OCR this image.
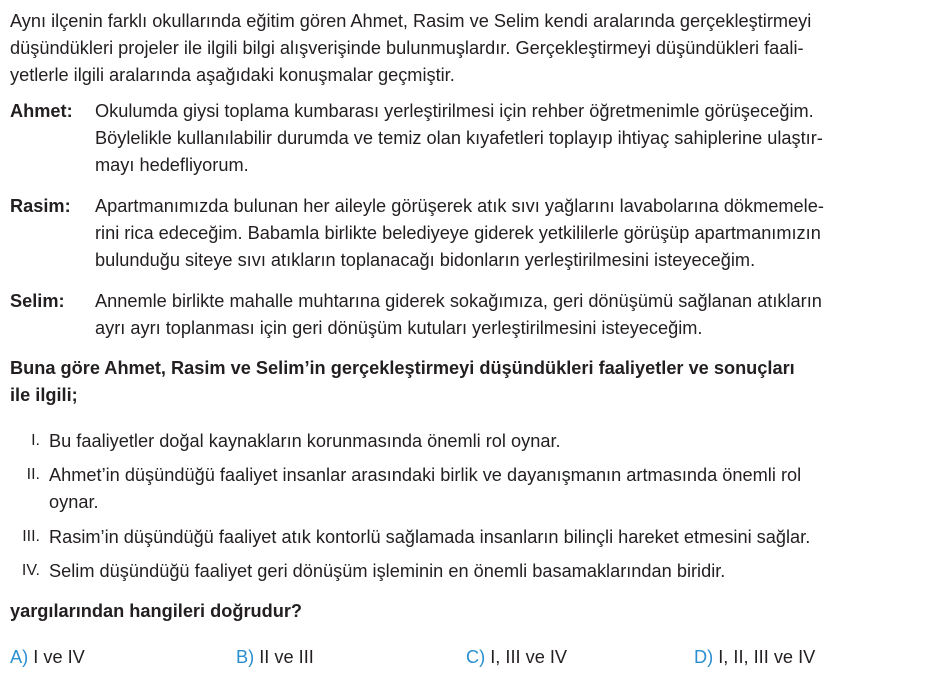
Aynı ilçenin farklı okullarında eğitim gören Ahmet, Rasim ve Selim kendi aralarında gerçekleştirmeyi
düşündükleri projeler ile ilgili bilgi alışverişinde bulunmuşlardır. Gerçekleştirmeyi düşündükleri faali-
yetlerle ilgili aralarında aşağıdaki konuşmalar geçmiştir.
Ahmet: Okulumda giysi toplama kumbarası yerleştirilmesi için rehber öğretmenimle görüşeceğim.
Böylelikle kullanılabilir durumda ve temiz olan kıyafetleri toplayıp ihtiyaç sahiplerine ulaştır-
mayı hedefliyorum.
Rasim: Apartmanımızda bulunan her aileyle görüşerek atık sıvı yağlarını lavabolarına dökmemele-
rini rica edeceğim. Babamla birlikte belediyeye giderek yetkililerle görüşüp apartmanımızın
bulunduğu siteye sıvı atıkların toplanacağı bidonların yerleştirilmesini isteyeceğim.
Selim: Annemle birlikte mahalle muhtarına giderek sokağımıza, geri dönüşümü sağlanan atıkların
ayrı ayrı toplanması için geri dönüşüm kutuları yerleştirilmesini isteyeceğim.
Buna göre Ahmet, Rasim ve Selim’in gerçekleştirmeyi düşündükleri faaliyetler ve sonuçları
ile ilgili;
I. Bu faaliyetler doğal kaynakların korunmasında önemli rol oynar.
II. Ahmet’in düşündüğü faaliyet insanlar arasındaki birlik ve dayanışmanın artmasında önemli rol
oynar.
III. Rasim’in düşündüğü faaliyet atık kontorlü sağlamada insanların bilinçli hareket etmesini sağlar.
IV. Selim düşündüğü faaliyet geri dönüşüm işleminin en önemli basamaklarından biridir.
yargılarından hangileri doğrudur?
A) I ve IV	B) II ve III	C) I, III ve IV	D) I, II, III ve IV
